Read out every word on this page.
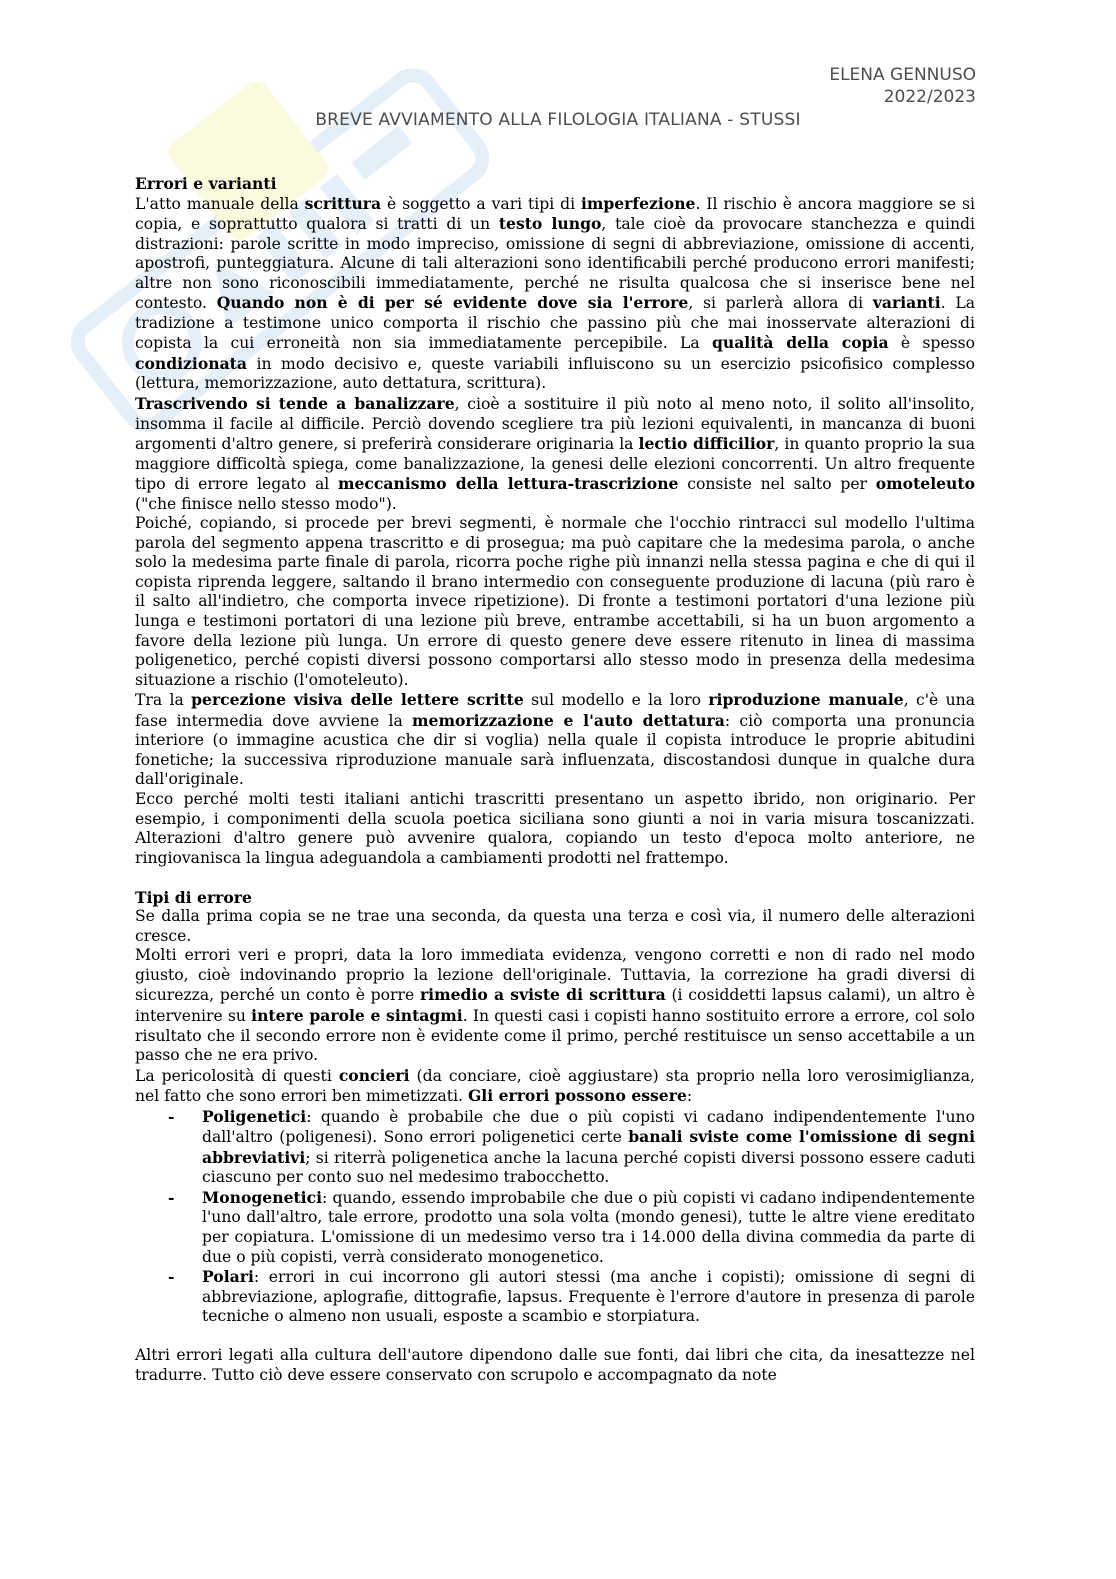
ELENA GENNUSO
2022/2023
BREVE AVVIAMENTO ALLA FILOLOGIA ITALIANA - STUSSI
Errori e varianti

L'atto manuale della scrittura è soggetto a vari tipi di imperfezione. Il rischio è ancora maggiore se si copia, e soprattutto qualora si tratti di un testo lungo, tale cioè da provocare stanchezza e quindi distrazioni: parole scritte in modo impreciso, omissione di segni di abbreviazione, omissione di accenti, apostrofi, punteggiatura. Alcune di tali alterazioni sono identificabili perché producono errori manifesti; altre non sono riconoscibili immediatamente, perché ne risulta qualcosa che si inserisce bene nel contesto. Quando non è di per sé evidente dove sia l'errore, si parlerà allora di varianti. La tradizione a testimone unico comporta il rischio che passino più che mai inosservate alterazioni di copista la cui erroneità non sia immediatamente percepibile. La qualità della copia è spesso condizionata in modo decisivo e, queste variabili influiscono su un esercizio psicofisico complesso (lettura, memorizzazione, auto dettatura, scrittura).

Trascrivendo si tende a banalizzare, cioè a sostituire il più noto al meno noto, il solito all'insolito, insomma il facile al difficile. Perciò dovendo scegliere tra più lezioni equivalenti, in mancanza di buoni argomenti d'altro genere, si preferirà considerare originaria la lectio difficilior, in quanto proprio la sua maggiore difficoltà spiega, come banalizzazione, la genesi delle elezioni concorrenti. Un altro frequente tipo di errore legato al meccanismo della lettura-trascrizione consiste nel salto per omoteleuto ("che finisce nello stesso modo").

Poiché, copiando, si procede per brevi segmenti, è normale che l'occhio rintracci sul modello l'ultima parola del segmento appena trascritto e di prosegua; ma può capitare che la medesima parola, o anche solo la medesima parte finale di parola, ricorra poche righe più innanzi nella stessa pagina e che di qui il copista riprenda leggere, saltando il brano intermedio con conseguente produzione di lacuna (più raro è il salto all'indietro, che comporta invece ripetizione). Di fronte a testimoni portatori d'una lezione più lunga e testimoni portatori di una lezione più breve, entrambe accettabili, si ha un buon argomento a favore della lezione più lunga. Un errore di questo genere deve essere ritenuto in linea di massima poligenetico, perché copisti diversi possono comportarsi allo stesso modo in presenza della medesima situazione a rischio (l'omoteleuto).

Tra la percezione visiva delle lettere scritte sul modello e la loro riproduzione manuale, c'è una fase intermedia dove avviene la memorizzazione e l'auto dettatura: ciò comporta una pronuncia interiore (o immagine acustica che dir si voglia) nella quale il copista introduce le proprie abitudini fonetiche; la successiva riproduzione manuale sarà influenzata, discostandosi dunque in qualche dura dall'originale.

Ecco perché molti testi italiani antichi trascritti presentano un aspetto ibrido, non originario. Per esempio, i componimenti della scuola poetica siciliana sono giunti a noi in varia misura toscanizzati. Alterazioni d'altro genere può avvenire qualora, copiando un testo d'epoca molto anteriore, ne ringiovanisca la lingua adeguandola a cambiamenti prodotti nel frattempo.

Tipi di errore

Se dalla prima copia se ne trae una seconda, da questa una terza e così via, il numero delle alterazioni cresce.

Molti errori veri e propri, data la loro immediata evidenza, vengono corretti e non di rado nel modo giusto, cioè indovinando proprio la lezione dell'originale. Tuttavia, la correzione ha gradi diversi di sicurezza, perché un conto è porre rimedio a sviste di scrittura (i cosiddetti lapsus calami), un altro è intervenire su intere parole e sintagmi. In questi casi i copisti hanno sostituito errore a errore, col solo risultato che il secondo errore non è evidente come il primo, perché restituisce un senso accettabile a un passo che ne era privo.

La pericolosità di questi concieri (da conciare, cioè aggiustare) sta proprio nella loro verosimiglianza, nel fatto che sono errori ben mimetizzati. Gli errori possono essere:

- Poligenetici: quando è probabile che due o più copisti vi cadano indipendentemente l'uno dall'altro (poligenesi). Sono errori poligenetici certe banali sviste come l'omissione di segni abbreviativi; si riterrà poligenetica anche la lacuna perché copisti diversi possono essere caduti ciascuno per conto suo nel medesimo trabocchetto.
- Monogenetici: quando, essendo improbabile che due o più copisti vi cadano indipendentemente l'uno dall'altro, tale errore, prodotto una sola volta (mondo genesi), tutte le altre viene ereditato per copiatura. L'omissione di un medesimo verso tra i 14.000 della divina commedia da parte di due o più copisti, verrà considerato monogenetico.
- Polari: errori in cui incorrono gli autori stessi (ma anche i copisti); omissione di segni di abbreviazione, aplografie, dittografie, lapsus. Frequente è l'errore d'autore in presenza di parole tecniche o almeno non usuali, esposte a scambio e storpiatura.

Altri errori legati alla cultura dell'autore dipendono dalle sue fonti, dai libri che cita, da inesattezze nel tradurre. Tutto ciò deve essere conservato con scrupolo e accompagnato da note
